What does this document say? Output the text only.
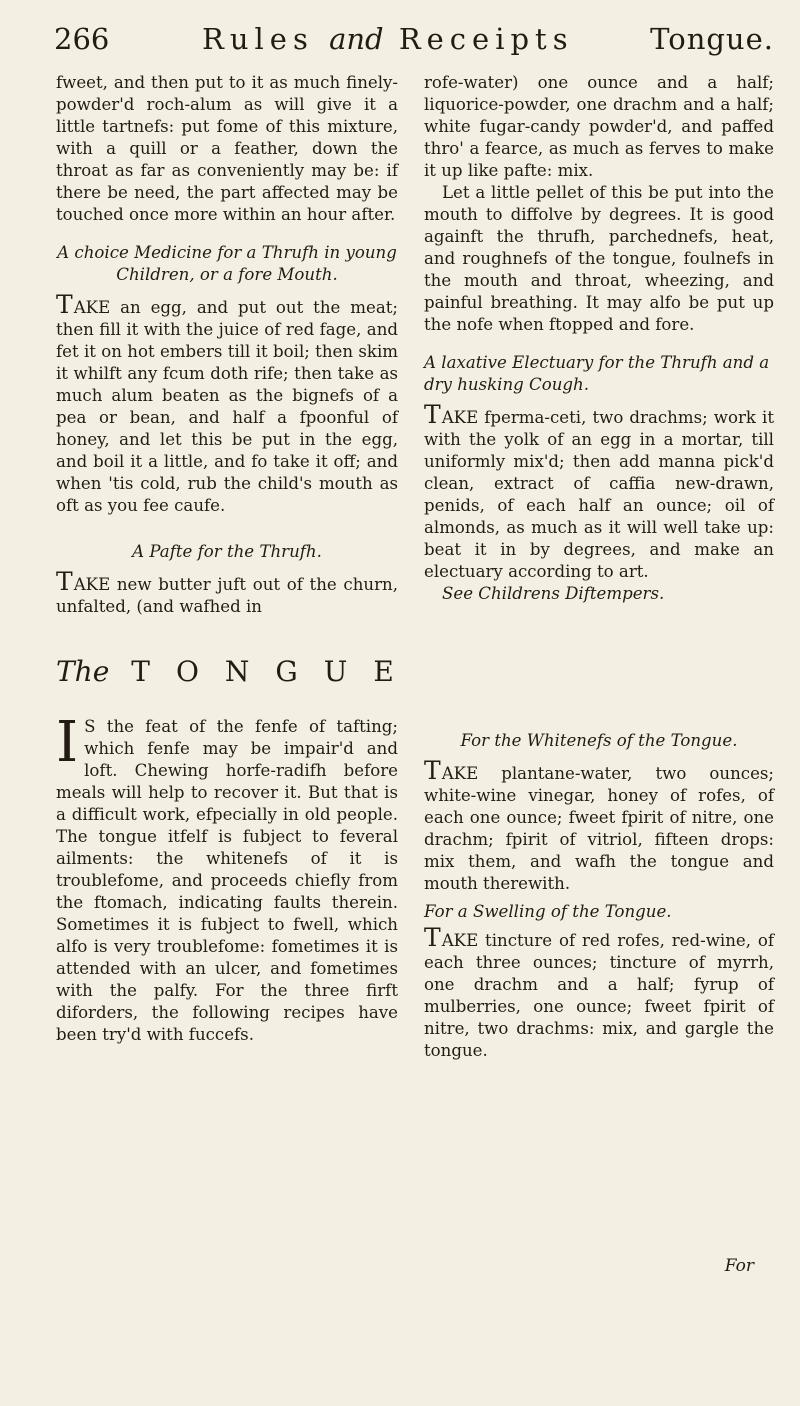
266	Rules and Receipts	Tongue.

fweet, and then put to it as much finely-powder'd roch-alum as will give it a little tartnefs: put fome of this mixture, with a quill or a feather, down the throat as far as conveniently may be: if there be need, the part affected may be touched once more within an hour after.

A choice Medicine for a Thrufh in young Children, or a fore Mouth.

TAKE an egg, and put out the meat; then fill it with the juice of red fage, and fet it on hot embers till it boil; then skim it whilft any fcum doth rife; then take as much alum beaten as the bignefs of a pea or bean, and half a fpoonful of honey, and let this be put in the egg, and boil it a little, and fo take it off; and when 'tis cold, rub the child's mouth as oft as you fee caufe.

A Pafte for the Thrufh.

TAKE new butter juft out of the churn, unfalted, (and wafhed in

rofe-water) one ounce and a half; liquorice-powder, one drachm and a half; white fugar-candy powder'd, and paffed thro' a fearce, as much as ferves to make it up like pafte: mix.

Let a little pellet of this be put into the mouth to diffolve by degrees. It is good againft the thrufh, parchednefs, heat, and roughnefs of the tongue, foulnefs in the mouth and throat, wheezing, and painful breathing. It may alfo be put up the nofe when ftopped and fore.

A laxative Electuary for the Thrufh and a dry husking Cough.

TAKE fperma-ceti, two drachms; work it with the yolk of an egg in a mortar, till uniformly mix'd; then add manna pick'd clean, extract of caffia new-drawn, penids, of each half an ounce; oil of almonds, as much as it will well take up: beat it in by degrees, and make an electuary according to art.

See Childrens Diftempers.

The TONGUE

I S the feat of the fenfe of tafting; which fenfe may be impair'd and loft. Chewing horfe-radifh before meals will help to recover it. But that is a difficult work, efpecially in old people. The tongue itfelf is fubject to feveral ailments: the whitenefs of it is troublefome, and proceeds chiefly from the ftomach, indicating faults therein. Sometimes it is fubject to fwell, which alfo is very troublefome: fometimes it is attended with an ulcer, and fometimes with the palfy. For the three firft diforders, the following recipes have been try'd with fuccefs.

For the Whitenefs of the Tongue.

TAKE plantane-water, two ounces; white-wine vinegar, honey of rofes, of each one ounce; fweet fpirit of nitre, one drachm; fpirit of vitriol, fifteen drops: mix them, and wafh the tongue and mouth therewith.

For a Swelling of the Tongue.

TAKE tincture of red rofes, red-wine, of each three ounces; tincture of myrrh, one drachm and a half; fyrup of mulberries, one ounce; fweet fpirit of nitre, two drachms: mix, and gargle the tongue.

For
